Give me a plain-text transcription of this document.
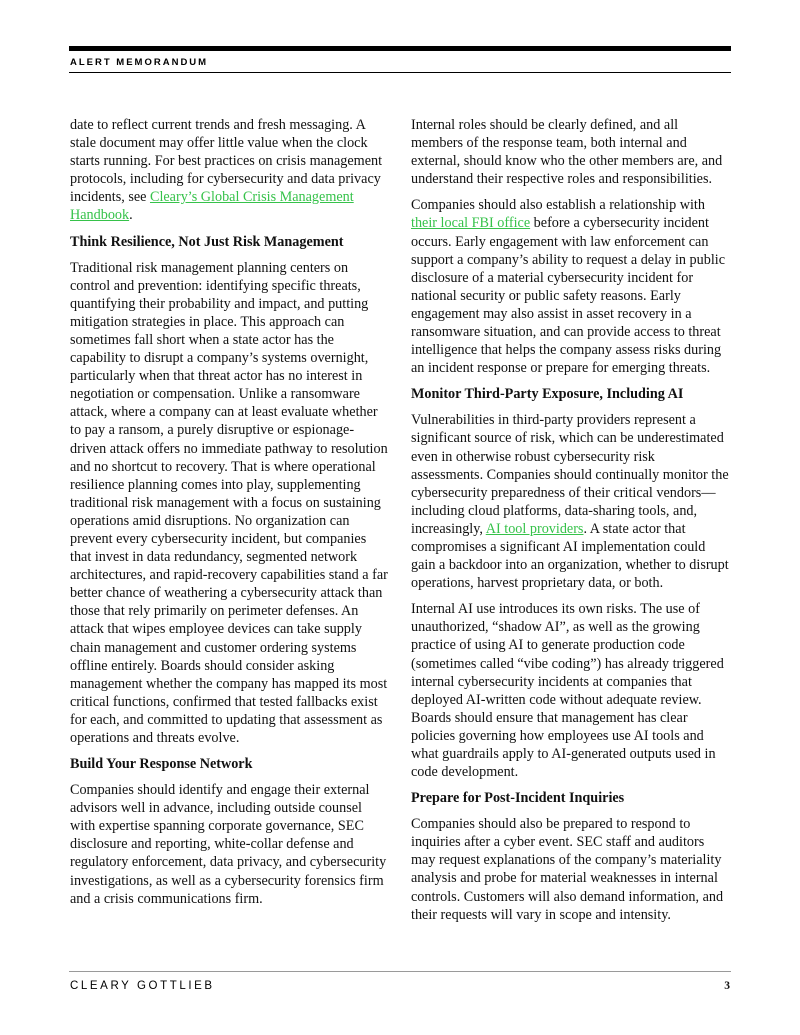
ALERT MEMORANDUM

date to reflect current trends and fresh messaging. A stale document may offer little value when the clock starts running. For best practices on crisis management protocols, including for cybersecurity and data privacy incidents, see Cleary’s Global Crisis Management Handbook.

Think Resilience, Not Just Risk Management

Traditional risk management planning centers on control and prevention: identifying specific threats, quantifying their probability and impact, and putting mitigation strategies in place. This approach can sometimes fall short when a state actor has the capability to disrupt a company’s systems overnight, particularly when that threat actor has no interest in negotiation or compensation. Unlike a ransomware attack, where a company can at least evaluate whether to pay a ransom, a purely disruptive or espionage-driven attack offers no immediate pathway to resolution and no shortcut to recovery. That is where operational resilience planning comes into play, supplementing traditional risk management with a focus on sustaining operations amid disruptions. No organization can prevent every cybersecurity incident, but companies that invest in data redundancy, segmented network architectures, and rapid-recovery capabilities stand a far better chance of weathering a cybersecurity attack than those that rely primarily on perimeter defenses. An attack that wipes employee devices can take supply chain management and customer ordering systems offline entirely. Boards should consider asking management whether the company has mapped its most critical functions, confirmed that tested fallbacks exist for each, and committed to updating that assessment as operations and threats evolve.

Build Your Response Network

Companies should identify and engage their external advisors well in advance, including outside counsel with expertise spanning corporate governance, SEC disclosure and reporting, white-collar defense and regulatory enforcement, data privacy, and cybersecurity investigations, as well as a cybersecurity forensics firm and a crisis communications firm.

Internal roles should be clearly defined, and all members of the response team, both internal and external, should know who the other members are, and understand their respective roles and responsibilities.

Companies should also establish a relationship with their local FBI office before a cybersecurity incident occurs. Early engagement with law enforcement can support a company’s ability to request a delay in public disclosure of a material cybersecurity incident for national security or public safety reasons. Early engagement may also assist in asset recovery in a ransomware situation, and can provide access to threat intelligence that helps the company assess risks during an incident response or prepare for emerging threats.

Monitor Third-Party Exposure, Including AI

Vulnerabilities in third-party providers represent a significant source of risk, which can be underestimated even in otherwise robust cybersecurity risk assessments. Companies should continually monitor the cybersecurity preparedness of their critical vendors—including cloud platforms, data-sharing tools, and, increasingly, AI tool providers. A state actor that compromises a significant AI implementation could gain a backdoor into an organization, whether to disrupt operations, harvest proprietary data, or both.

Internal AI use introduces its own risks. The use of unauthorized, “shadow AI”, as well as the growing practice of using AI to generate production code (sometimes called “vibe coding”) has already triggered internal cybersecurity incidents at companies that deployed AI-written code without adequate review. Boards should ensure that management has clear policies governing how employees use AI tools and what guardrails apply to AI-generated outputs used in code development.

Prepare for Post-Incident Inquiries

Companies should also be prepared to respond to inquiries after a cyber event. SEC staff and auditors may request explanations of the company’s materiality analysis and probe for material weaknesses in internal controls. Customers will also demand information, and their requests will vary in scope and intensity.

CLEARY GOTTLIEB	3
